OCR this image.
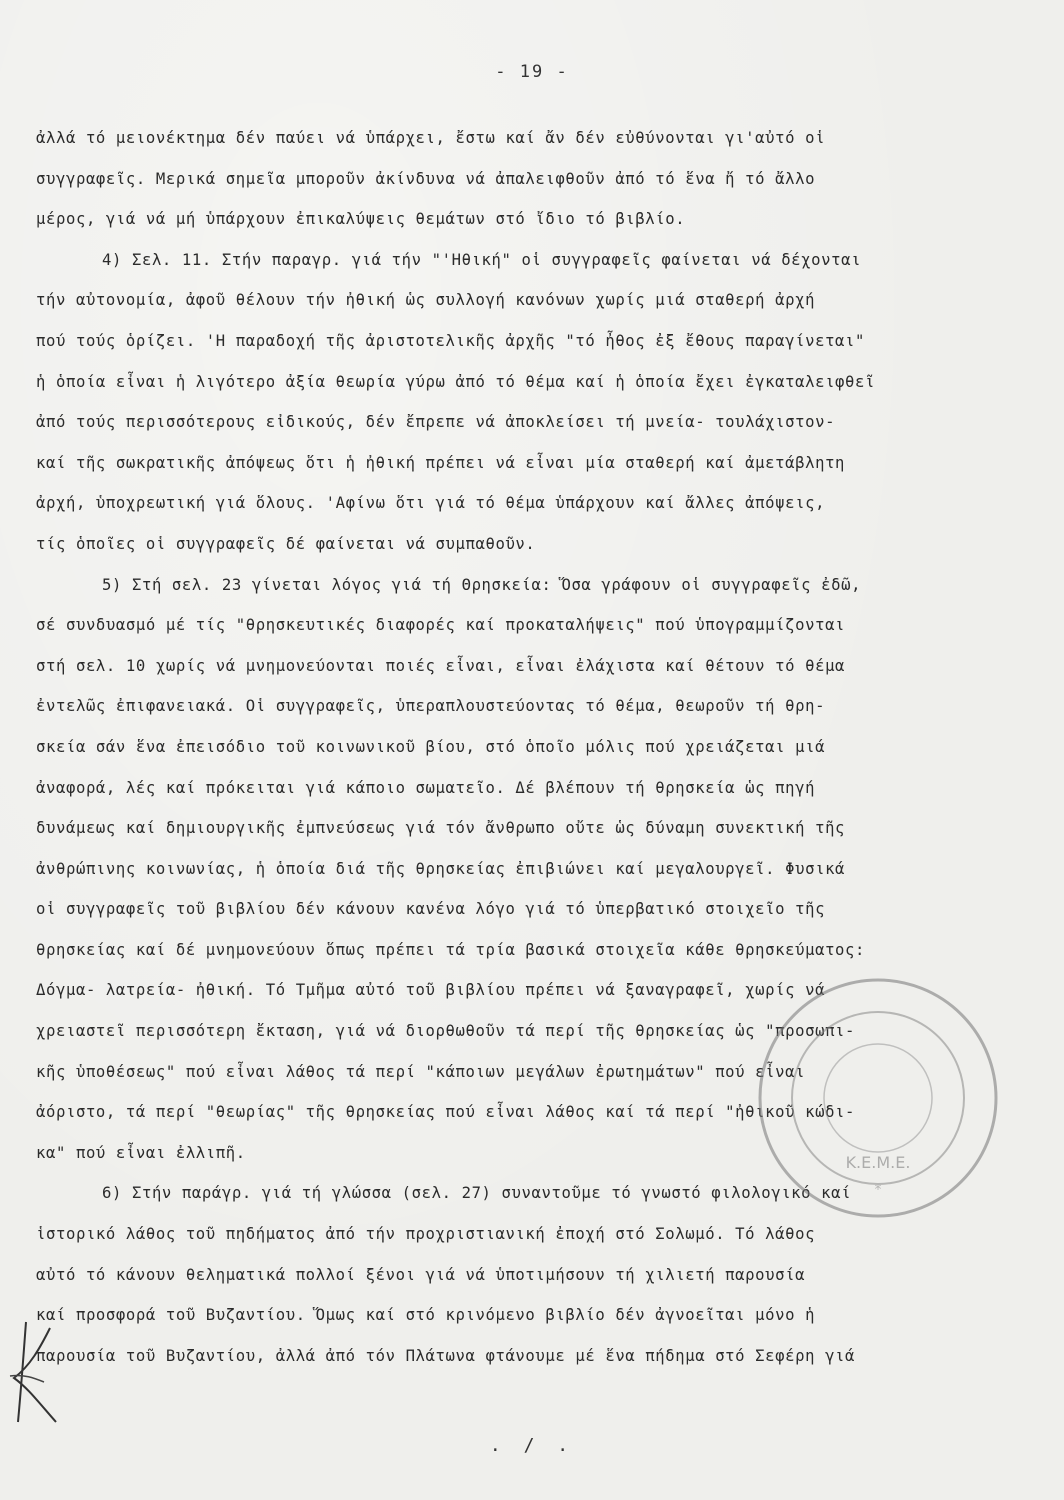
- 19 -
ἀλλά τό μειονέκτημα δέν παύει νά ὑπάρχει, ἔστω καί ἄν δέν εὐθύνονται γι'αὐτό οἱ
συγγραφεῖς. Μερικά σημεῖα μποροῦν ἀκίνδυνα νά ἀπαλειφθοῦν ἀπό τό ἕνα ἤ τό ἄλλο
μέρος, γιά νά μή ὑπάρχουν ἐπικαλύψεις θεμάτων στό ἴδιο τό βιβλίο.
4) Σελ. 11. Στήν παραγρ. γιά τήν "'Ηθική" οἱ συγγραφεῖς φαίνεται νά δέχονται
τήν αὐτονομία, ἀφοῦ θέλουν τήν ἠθική ὡς συλλογή κανόνων χωρίς μιά σταθερή ἀρχή
πού τούς ὁρίζει. 'Η παραδοχή τῆς ἀριστοτελικῆς ἀρχῆς "τό ἦθος ἐξ ἔθους παραγίνεται"
ἡ ὁποία εἶναι ἡ λιγότερο ἀξία θεωρία γύρω ἀπό τό θέμα καί ἡ ὁποία ἔχει ἐγκαταλειφθεῖ
ἀπό τούς περισσότερους εἰδικούς, δέν ἔπρεπε νά ἀποκλείσει τή μνεία- τουλάχιστον-
καί τῆς σωκρατικῆς ἀπόψεως ὅτι ἡ ἠθική πρέπει νά εἶναι μία σταθερή καί ἀμετάβλητη
ἀρχή, ὑποχρεωτική γιά ὅλους. 'Αφίνω ὅτι γιά τό θέμα ὑπάρχουν καί ἄλλες ἀπόψεις,
τίς ὁποῖες οἱ συγγραφεῖς δέ φαίνεται νά συμπαθοῦν.
5) Στή σελ. 23 γίνεται λόγος γιά τή Θρησκεία: Ὅσα γράφουν οἱ συγγραφεῖς ἐδῶ,
σέ συνδυασμό μέ τίς "θρησκευτικές διαφορές καί προκαταλήψεις" πού ὑπογραμμίζονται
στή σελ. 10 χωρίς νά μνημονεύονται ποιές εἶναι, εἶναι ἐλάχιστα καί θέτουν τό θέμα
ἐντελῶς ἐπιφανειακά. Οἱ συγγραφεῖς, ὑπεραπλουστεύοντας τό θέμα, θεωροῦν τή θρη-
σκεία σάν ἕνα ἐπεισόδιο τοῦ κοινωνικοῦ βίου, στό ὁποῖο μόλις πού χρειάζεται μιά
ἀναφορά, λές καί πρόκειται γιά κάποιο σωματεῖο. Δέ βλέπουν τή θρησκεία ὡς πηγή
δυνάμεως καί δημιουργικῆς ἐμπνεύσεως γιά τόν ἄνθρωπο οὔτε ὡς δύναμη συνεκτική τῆς
ἀνθρώπινης κοινωνίας, ἡ ὁποία διά τῆς θρησκείας ἐπιβιώνει καί μεγαλουργεῖ. Φυσικά
οἱ συγγραφεῖς τοῦ βιβλίου δέν κάνουν κανένα λόγο γιά τό ὑπερβατικό στοιχεῖο τῆς
θρησκείας καί δέ μνημονεύουν ὅπως πρέπει τά τρία βασικά στοιχεῖα κάθε θρησκεύματος:
Δόγμα- λατρεία- ἠθική. Τό Τμῆμα αὐτό τοῦ βιβλίου πρέπει νά ξαναγραφεῖ, χωρίς νά
χρειαστεῖ περισσότερη ἔκταση, γιά νά διορθωθοῦν τά περί τῆς θρησκείας ὡς "προσωπι-
κῆς ὑποθέσεως" πού εἶναι λάθος τά περί "κάποιων μεγάλων ἐρωτημάτων" πού εἶναι
ἀόριστο, τά περί "θεωρίας" τῆς θρησκείας πού εἶναι λάθος καί τά περί "ἠθικοῦ κώδι-
κα" πού εἶναι ἐλλιπῆ.
6) Στήν παράγρ. γιά τή γλώσσα (σελ. 27) συναντοῦμε τό γνωστό φιλολογικό καί
ἱστορικό λάθος τοῦ πηδήματος ἀπό τήν προχριστιανική ἐποχή στό Σολωμό. Τό λάθος
αὐτό τό κάνουν θεληματικά πολλοί ξένοι γιά νά ὑποτιμήσουν τή χιλιετή παρουσία
καί προσφορά τοῦ Βυζαντίου. Ὅμως καί στό κρινόμενο βιβλίο δέν ἀγνοεῖται μόνο ἡ
παρουσία τοῦ Βυζαντίου, ἀλλά ἀπό τόν Πλάτωνα φτάνουμε μέ ἕνα πήδημα στό Σεφέρη γιά
Κ.Ε.Μ.Ε.
*
. / .
